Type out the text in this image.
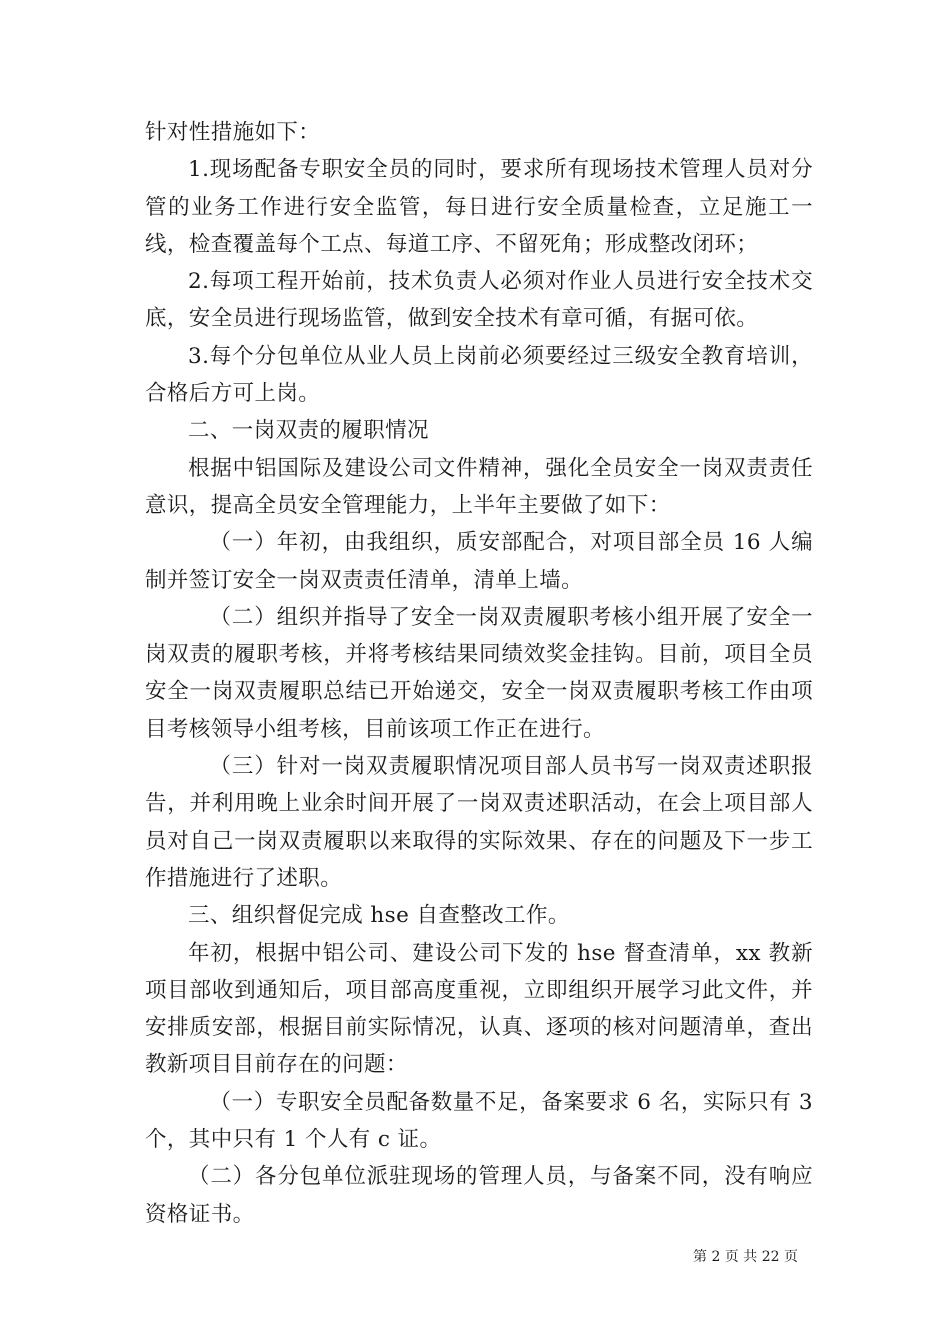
针对性措施如下：

1.现场配备专职安全员的同时，要求所有现场技术管理人员对分管的业务工作进行安全监管，每日进行安全质量检查，立足施工一线，检查覆盖每个工点、每道工序、不留死角；形成整改闭环；

2.每项工程开始前，技术负责人必须对作业人员进行安全技术交底，安全员进行现场监管，做到安全技术有章可循，有据可依。

3.每个分包单位从业人员上岗前必须要经过三级安全教育培训，合格后方可上岗。

二、一岗双责的履职情况

根据中铝国际及建设公司文件精神，强化全员安全一岗双责责任意识，提高全员安全管理能力，上半年主要做了如下：

（一）年初，由我组织，质安部配合，对项目部全员 16 人编制并签订安全一岗双责责任清单，清单上墙。

（二）组织并指导了安全一岗双责履职考核小组开展了安全一岗双责的履职考核，并将考核结果同绩效奖金挂钩。目前，项目全员安全一岗双责履职总结已开始递交，安全一岗双责履职考核工作由项目考核领导小组考核，目前该项工作正在进行。

（三）针对一岗双责履职情况项目部人员书写一岗双责述职报告，并利用晚上业余时间开展了一岗双责述职活动，在会上项目部人员对自己一岗双责履职以来取得的实际效果、存在的问题及下一步工作措施进行了述职。

三、组织督促完成 hse 自查整改工作。

年初，根据中铝公司、建设公司下发的 hse 督查清单，xx 教新项目部收到通知后，项目部高度重视，立即组织开展学习此文件，并安排质安部，根据目前实际情况，认真、逐项的核对问题清单，查出教新项目目前存在的问题：

（一）专职安全员配备数量不足，备案要求 6 名，实际只有 3 个，其中只有 1 个人有 c 证。

（二）各分包单位派驻现场的管理人员，与备案不同，没有响应资格证书。

第 2 页 共 22 页
